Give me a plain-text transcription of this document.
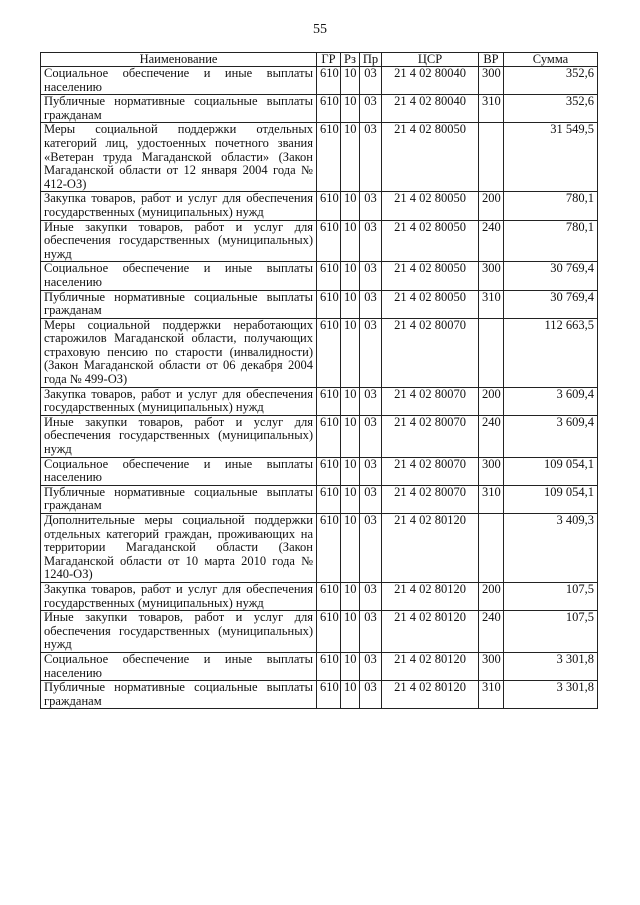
55
Наименование	ГР	Рз	Пр	ЦСР	ВР	Сумма
Социальное обеспечение и иные выплаты населению	610	10	03	21 4 02 80040	300	352,6
Публичные нормативные социальные выплаты гражданам	610	10	03	21 4 02 80040	310	352,6
Меры социальной поддержки отдельных категорий лиц, удостоенных почетного звания «Ветеран труда Магаданской области» (Закон Магаданской области от 12 января 2004 года № 412-ОЗ)	610	10	03	21 4 02 80050		31 549,5
Закупка товаров, работ и услуг для обеспечения государственных (муниципальных) нужд	610	10	03	21 4 02 80050	200	780,1
Иные закупки товаров, работ и услуг для обеспечения государственных (муниципальных) нужд	610	10	03	21 4 02 80050	240	780,1
Социальное обеспечение и иные выплаты населению	610	10	03	21 4 02 80050	300	30 769,4
Публичные нормативные социальные выплаты гражданам	610	10	03	21 4 02 80050	310	30 769,4
Меры социальной поддержки неработающих старожилов Магаданской области, получающих страховую пенсию по старости (инвалидности) (Закон Магаданской области от 06 декабря 2004 года № 499-ОЗ)	610	10	03	21 4 02 80070		112 663,5
Закупка товаров, работ и услуг для обеспечения государственных (муниципальных) нужд	610	10	03	21 4 02 80070	200	3 609,4
Иные закупки товаров, работ и услуг для обеспечения государственных (муниципальных) нужд	610	10	03	21 4 02 80070	240	3 609,4
Социальное обеспечение и иные выплаты населению	610	10	03	21 4 02 80070	300	109 054,1
Публичные нормативные социальные выплаты гражданам	610	10	03	21 4 02 80070	310	109 054,1
Дополнительные меры социальной поддержки отдельных категорий граждан, проживающих на территории Магаданской области (Закон Магаданской области от 10 марта 2010 года № 1240-ОЗ)	610	10	03	21 4 02 80120		3 409,3
Закупка товаров, работ и услуг для обеспечения государственных (муниципальных) нужд	610	10	03	21 4 02 80120	200	107,5
Иные закупки товаров, работ и услуг для обеспечения государственных (муниципальных) нужд	610	10	03	21 4 02 80120	240	107,5
Социальное обеспечение и иные выплаты населению	610	10	03	21 4 02 80120	300	3 301,8
Публичные нормативные социальные выплаты гражданам	610	10	03	21 4 02 80120	310	3 301,8
